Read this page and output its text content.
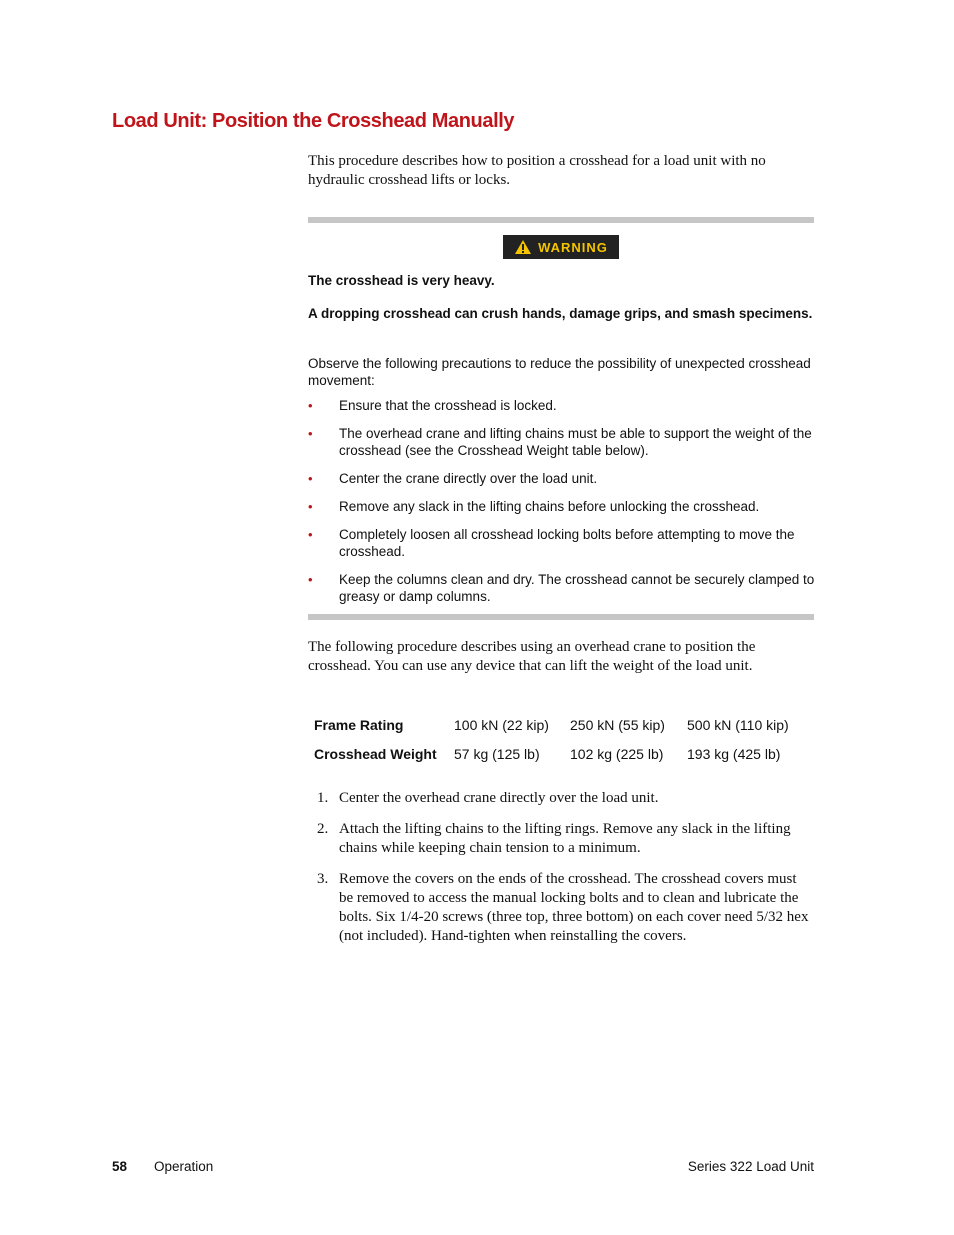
Load Unit: Position the Crosshead Manually

This procedure describes how to position a crosshead for a load unit with no hydraulic crosshead lifts or locks.

WARNING

The crosshead is very heavy.

A dropping crosshead can crush hands, damage grips, and smash specimens.

Observe the following precautions to reduce the possibility of unexpected crosshead movement:

• Ensure that the crosshead is locked.
• The overhead crane and lifting chains must be able to support the weight of the crosshead (see the Crosshead Weight table below).
• Center the crane directly over the load unit.
• Remove any slack in the lifting chains before unlocking the crosshead.
• Completely loosen all crosshead locking bolts before attempting to move the crosshead.
• Keep the columns clean and dry. The crosshead cannot be securely clamped to greasy or damp columns.

The following procedure describes using an overhead crane to position the crosshead. You can use any device that can lift the weight of the load unit.

Frame Rating	100 kN (22 kip)	250 kN (55 kip)	500 kN (110 kip)
Crosshead Weight	57 kg (125 lb)	102 kg (225 lb)	193 kg (425 lb)
1. Center the overhead crane directly over the load unit.
2. Attach the lifting chains to the lifting rings. Remove any slack in the lifting chains while keeping chain tension to a minimum.
3. Remove the covers on the ends of the crosshead. The crosshead covers must be removed to access the manual locking bolts and to clean and lubricate the bolts. Six 1/4-20 screws (three top, three bottom) on each cover need 5/32 hex (not included). Hand-tighten when reinstalling the covers.
58 Operation	Series 322 Load Unit
